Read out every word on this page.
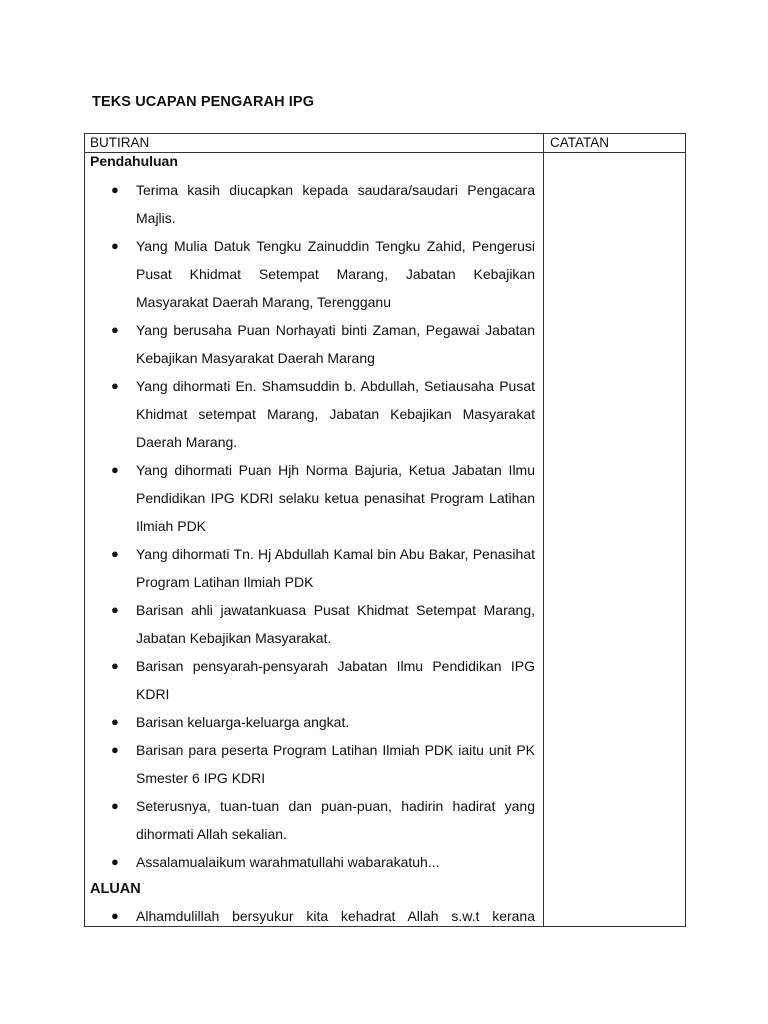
TEKS UCAPAN PENGARAH IPG
BUTIRAN	CATATAN

Pendahuluan

● Terima kasih diucapkan kepada saudara/saudari Pengacara Majlis.
● Yang Mulia Datuk Tengku Zainuddin Tengku Zahid, Pengerusi Pusat Khidmat Setempat Marang, Jabatan Kebajikan Masyarakat Daerah Marang, Terengganu
● Yang berusaha Puan Norhayati binti Zaman, Pegawai Jabatan Kebajikan Masyarakat Daerah Marang
● Yang dihormati En. Shamsuddin b. Abdullah, Setiausaha Pusat Khidmat setempat Marang, Jabatan Kebajikan Masyarakat Daerah Marang.
● Yang dihormati Puan Hjh Norma Bajuria, Ketua Jabatan Ilmu Pendidikan IPG KDRI selaku ketua penasihat Program Latihan Ilmiah PDK
● Yang dihormati Tn. Hj Abdullah Kamal bin Abu Bakar, Penasihat Program Latihan Ilmiah PDK
● Barisan ahli jawatankuasa Pusat Khidmat Setempat Marang, Jabatan Kebajikan Masyarakat.
● Barisan pensyarah-pensyarah Jabatan Ilmu Pendidikan IPG KDRI
● Barisan keluarga-keluarga angkat.
● Barisan para peserta Program Latihan Ilmiah PDK iaitu unit PK Smester 6 IPG KDRI
● Seterusnya, tuan-tuan dan puan-puan, hadirin hadirat yang dihormati Allah sekalian.
● Assalamualaikum warahmatullahi wabarakatuh...

ALUAN

● Alhamdulillah bersyukur kita kehadrat Allah s.w.t kerana
